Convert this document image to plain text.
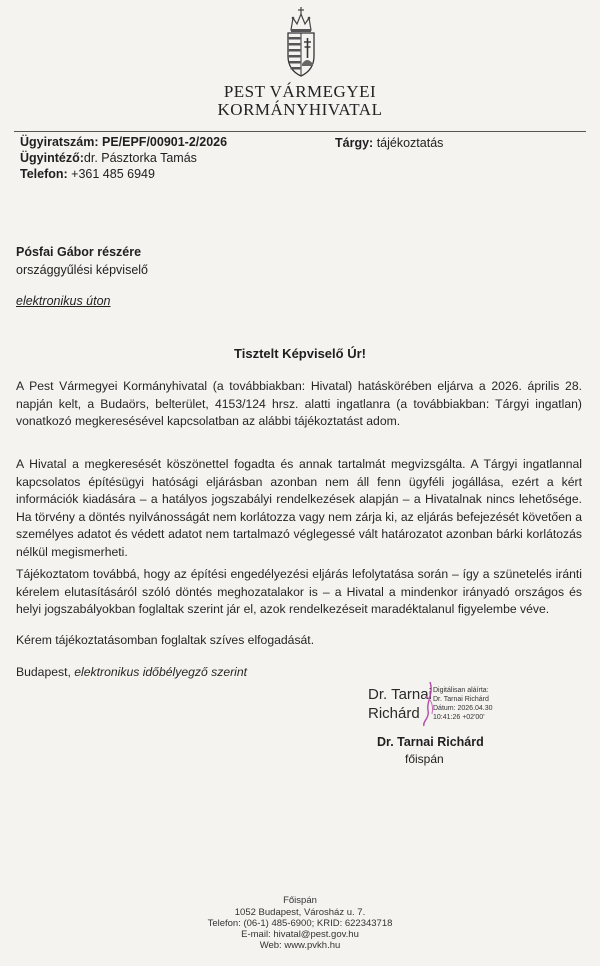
PEST VÁRMEGYEI
KORMÁNYHIVATAL
Ügyiratszám: PE/EPF/00901-2/2026
Ügyintéző:dr. Pásztorka Tamás
Telefon: +361 485 6949
Tárgy: tájékoztatás
Pósfai Gábor részére
országgyűlési képviselő
elektronikus úton
Tisztelt Képviselő Úr!
A Pest Vármegyei Kormányhivatal (a továbbiakban: Hivatal) hatáskörében eljárva a 2026. április 28. napján kelt, a Budaörs, belterület, 4153/124 hrsz. alatti ingatlanra (a továbbiakban: Tárgyi ingatlan) vonatkozó megkeresésével kapcsolatban az alábbi tájékoztatást adom.
A Hivatal a megkeresését köszönettel fogadta és annak tartalmát megvizsgálta. A Tárgyi ingatlannal kapcsolatos építésügyi hatósági eljárásban azonban nem áll fenn ügyféli jogállása, ezért a kért információk kiadására – a hatályos jogszabályi rendelkezések alapján – a Hivatalnak nincs lehetősége. Ha törvény a döntés nyilvánosságát nem korlátozza vagy nem zárja ki, az eljárás befejezését követően a személyes adatot és védett adatot nem tartalmazó véglegessé vált határozatot azonban bárki korlátozás nélkül megismerheti.
Tájékoztatom továbbá, hogy az építési engedélyezési eljárás lefolytatása során – így a szünetelés iránti kérelem elutasításáról szóló döntés meghozatalakor is – a Hivatal a mindenkor irányadó országos és helyi jogszabályokban foglaltak szerint jár el, azok rendelkezéseit maradéktalanul figyelembe véve.
Kérem tájékoztatásomban foglaltak szíves elfogadását.
Budapest, elektronikus időbélyegző szerint
Dr. Tarnai
Richárd
Digitálisan aláírta:
Dr. Tarnai Richárd
Dátum: 2026.04.30
10:41:26 +02'00'
Dr. Tarnai Richárd
főispán
Főispán
1052 Budapest, Városház u. 7.
Telefon: (06-1) 485-6900; KRID: 622343718
E-mail: hivatal@pest.gov.hu
Web: www.pvkh.hu
